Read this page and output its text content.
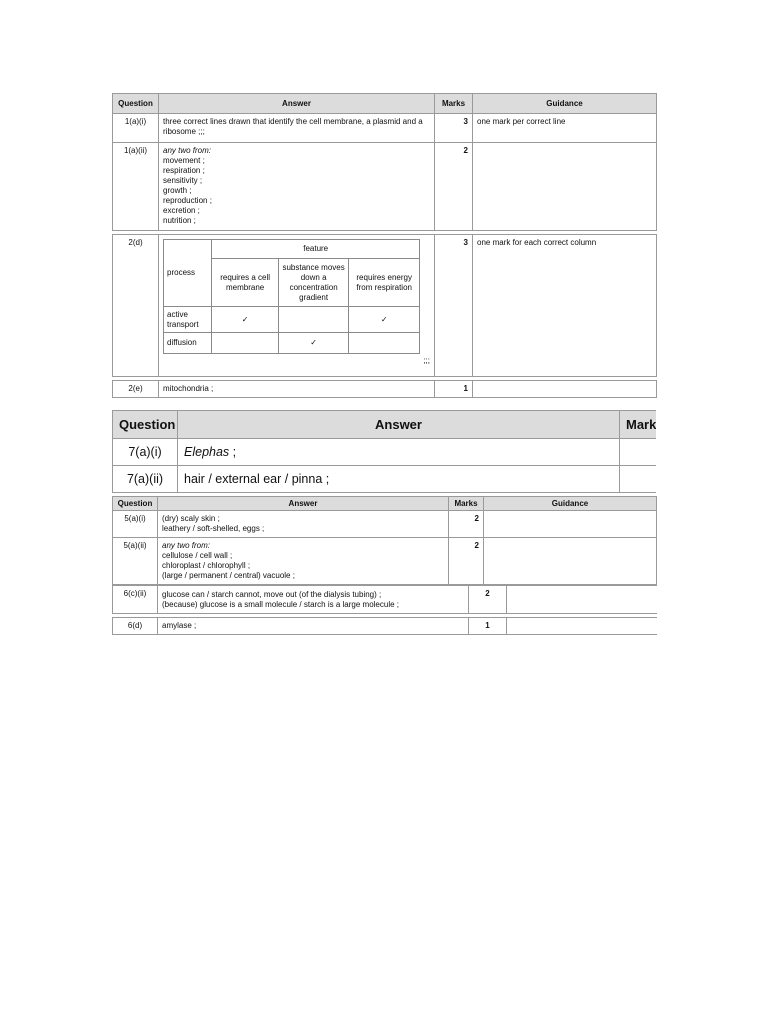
Question	Answer	Marks	Guidance
1(a)(i)	three correct lines drawn that identify the cell membrane, a plasmid and a ribosome ;;;	3	one mark per correct line
1(a)(ii)	any two from:
movement ;
respiration ;
sensitivity ;
growth ;
reproduction ;
excretion ;
nutrition ;
	2	

2(d)	
process	feature
requires a cell membrane	substance moves down a concentration gradient	requires energy from respiration
active transport	✓		✓
diffusion		✓	
;;;
	3	one mark for each correct column

2(e)	mitochondria ;	1	
Question	Answer	Mark
7(a)(i)	Elephas ;	
7(a)(ii)	hair / external ear / pinna ;	
Question	Answer	Marks	Guidance
5(a)(i)	(dry) scaly skin ;
leathery / soft-shelled, eggs ;	2	
5(a)(ii)	any two from:
cellulose / cell wall ;
chloroplast / chlorophyll ;
(large / permanent / central) vacuole ;	2	
6(c)(ii)	glucose can / starch cannot, move out (of the dialysis tubing) ;
(because) glucose is a small molecule / starch is a large molecule ;	2	

6(d)	amylase ;	1	
